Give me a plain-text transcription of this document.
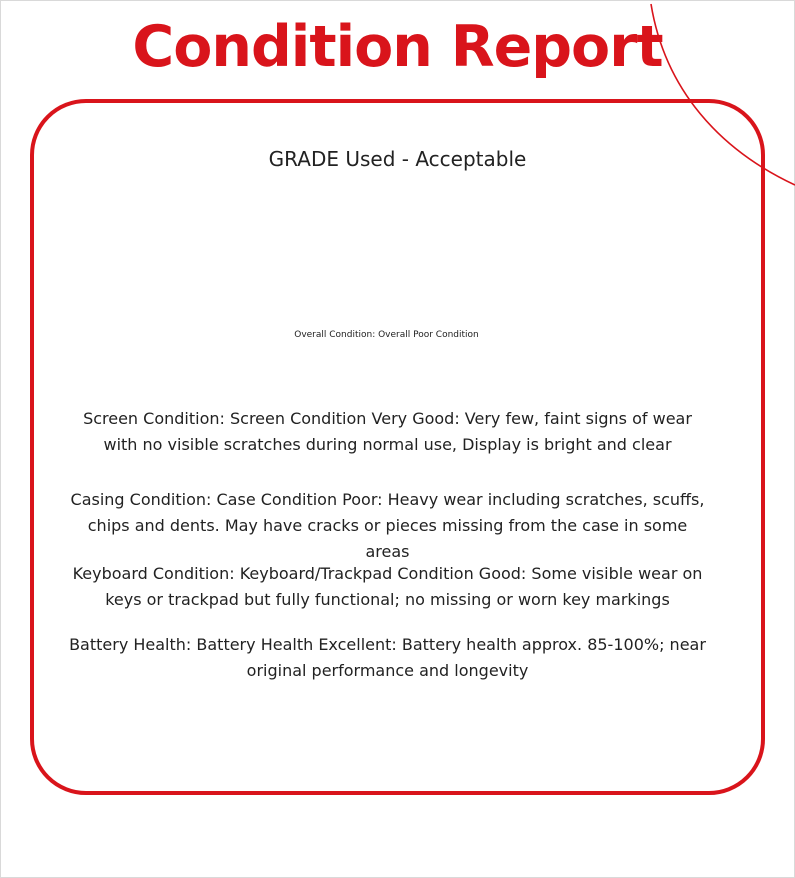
Condition Report
GRADE Used - Acceptable
Overall Condition: Overall Poor Condition
Screen Condition: Screen Condition Very Good: Very few, faint signs of wear with no visible scratches during normal use, Display is bright and clear
Casing Condition: Case Condition Poor: Heavy wear including scratches, scuffs, chips and dents. May have cracks or pieces missing from the case in some areas
Keyboard Condition: Keyboard/Trackpad Condition Good: Some visible wear on keys or trackpad but fully functional; no missing or worn key markings
Battery Health: Battery Health Excellent: Battery health approx. 85-100%; near original performance and longevity
